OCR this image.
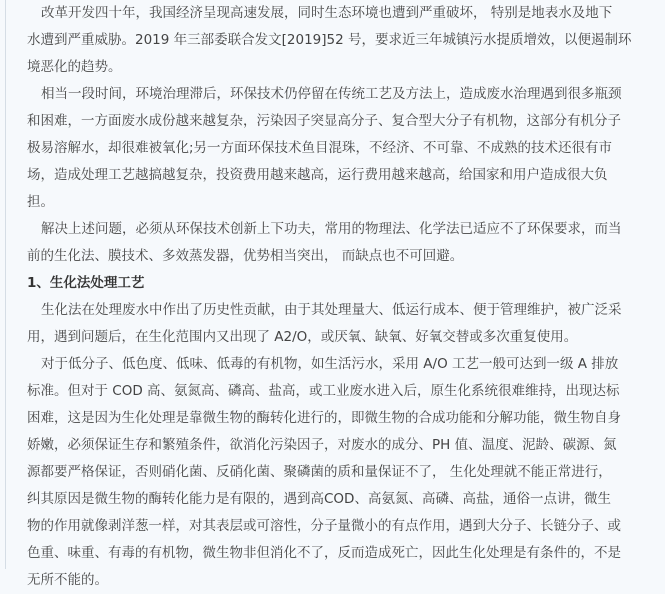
改革开发四十年，我国经济呈现高速发展，同时生态环境也遭到严重破坏， 特别是地表水及地下
水遭到严重威胁。2019 年三部委联合发文[2019]52 号，要求近三年城镇污水提质增效，以便遏制环
境恶化的趋势。
相当一段时间，环境治理滞后，环保技术仍停留在传统工艺及方法上，造成废水治理遇到很多瓶颈
和困难，一方面废水成份越来越复杂，污染因子突显高分子、复合型大分子有机物，这部分有机分子
极易溶解水，却很难被氧化;另一方面环保技术鱼目混珠，不经济、不可靠、不成熟的技术还很有市
场，造成处理工艺越搞越复杂，投资费用越来越高，运行费用越来越高，给国家和用户造成很大负
担。
解决上述问题，必须从环保技术创新上下功夫，常用的物理法、化学法已适应不了环保要求，而当
前的生化法、膜技术、多效蒸发器，优势相当突出， 而缺点也不可回避。
1、生化法处理工艺
生化法在处理废水中作出了历史性贡献，由于其处理量大、低运行成本、便于管理维护，被广泛采
用，遇到问题后，在生化范围内又出现了 A2/O，或厌氧、缺氧、好氧交替或多次重复使用。
对于低分子、低色度、低味、低毒的有机物，如生活污水，采用 A/O 工艺一般可达到一级 A 排放
标准。但对于 COD 高、氨氮高、磷高、盐高，或工业废水进入后，原生化系统很难维持，出现达标
困难，这是因为生化处理是靠微生物的酶转化进行的，即微生物的合成功能和分解功能，微生物自身
娇嫩，必须保证生存和繁殖条件，欲消化污染因子，对废水的成分、PH 值、温度、泥龄、碳源、氮
源都要严格保证，否则硝化菌、反硝化菌、聚磷菌的质和量保证不了， 生化处理就不能正常进行，
纠其原因是微生物的酶转化能力是有限的，遇到高COD、高氨氮、高磷、高盐，通俗一点讲，微生
物的作用就像剥洋葱一样，对其表层或可溶性，分子量微小的有点作用，遇到大分子、长链分子、或
色重、味重、有毒的有机物，微生物非但消化不了，反而造成死亡，因此生化处理是有条件的，不是
无所不能的。
